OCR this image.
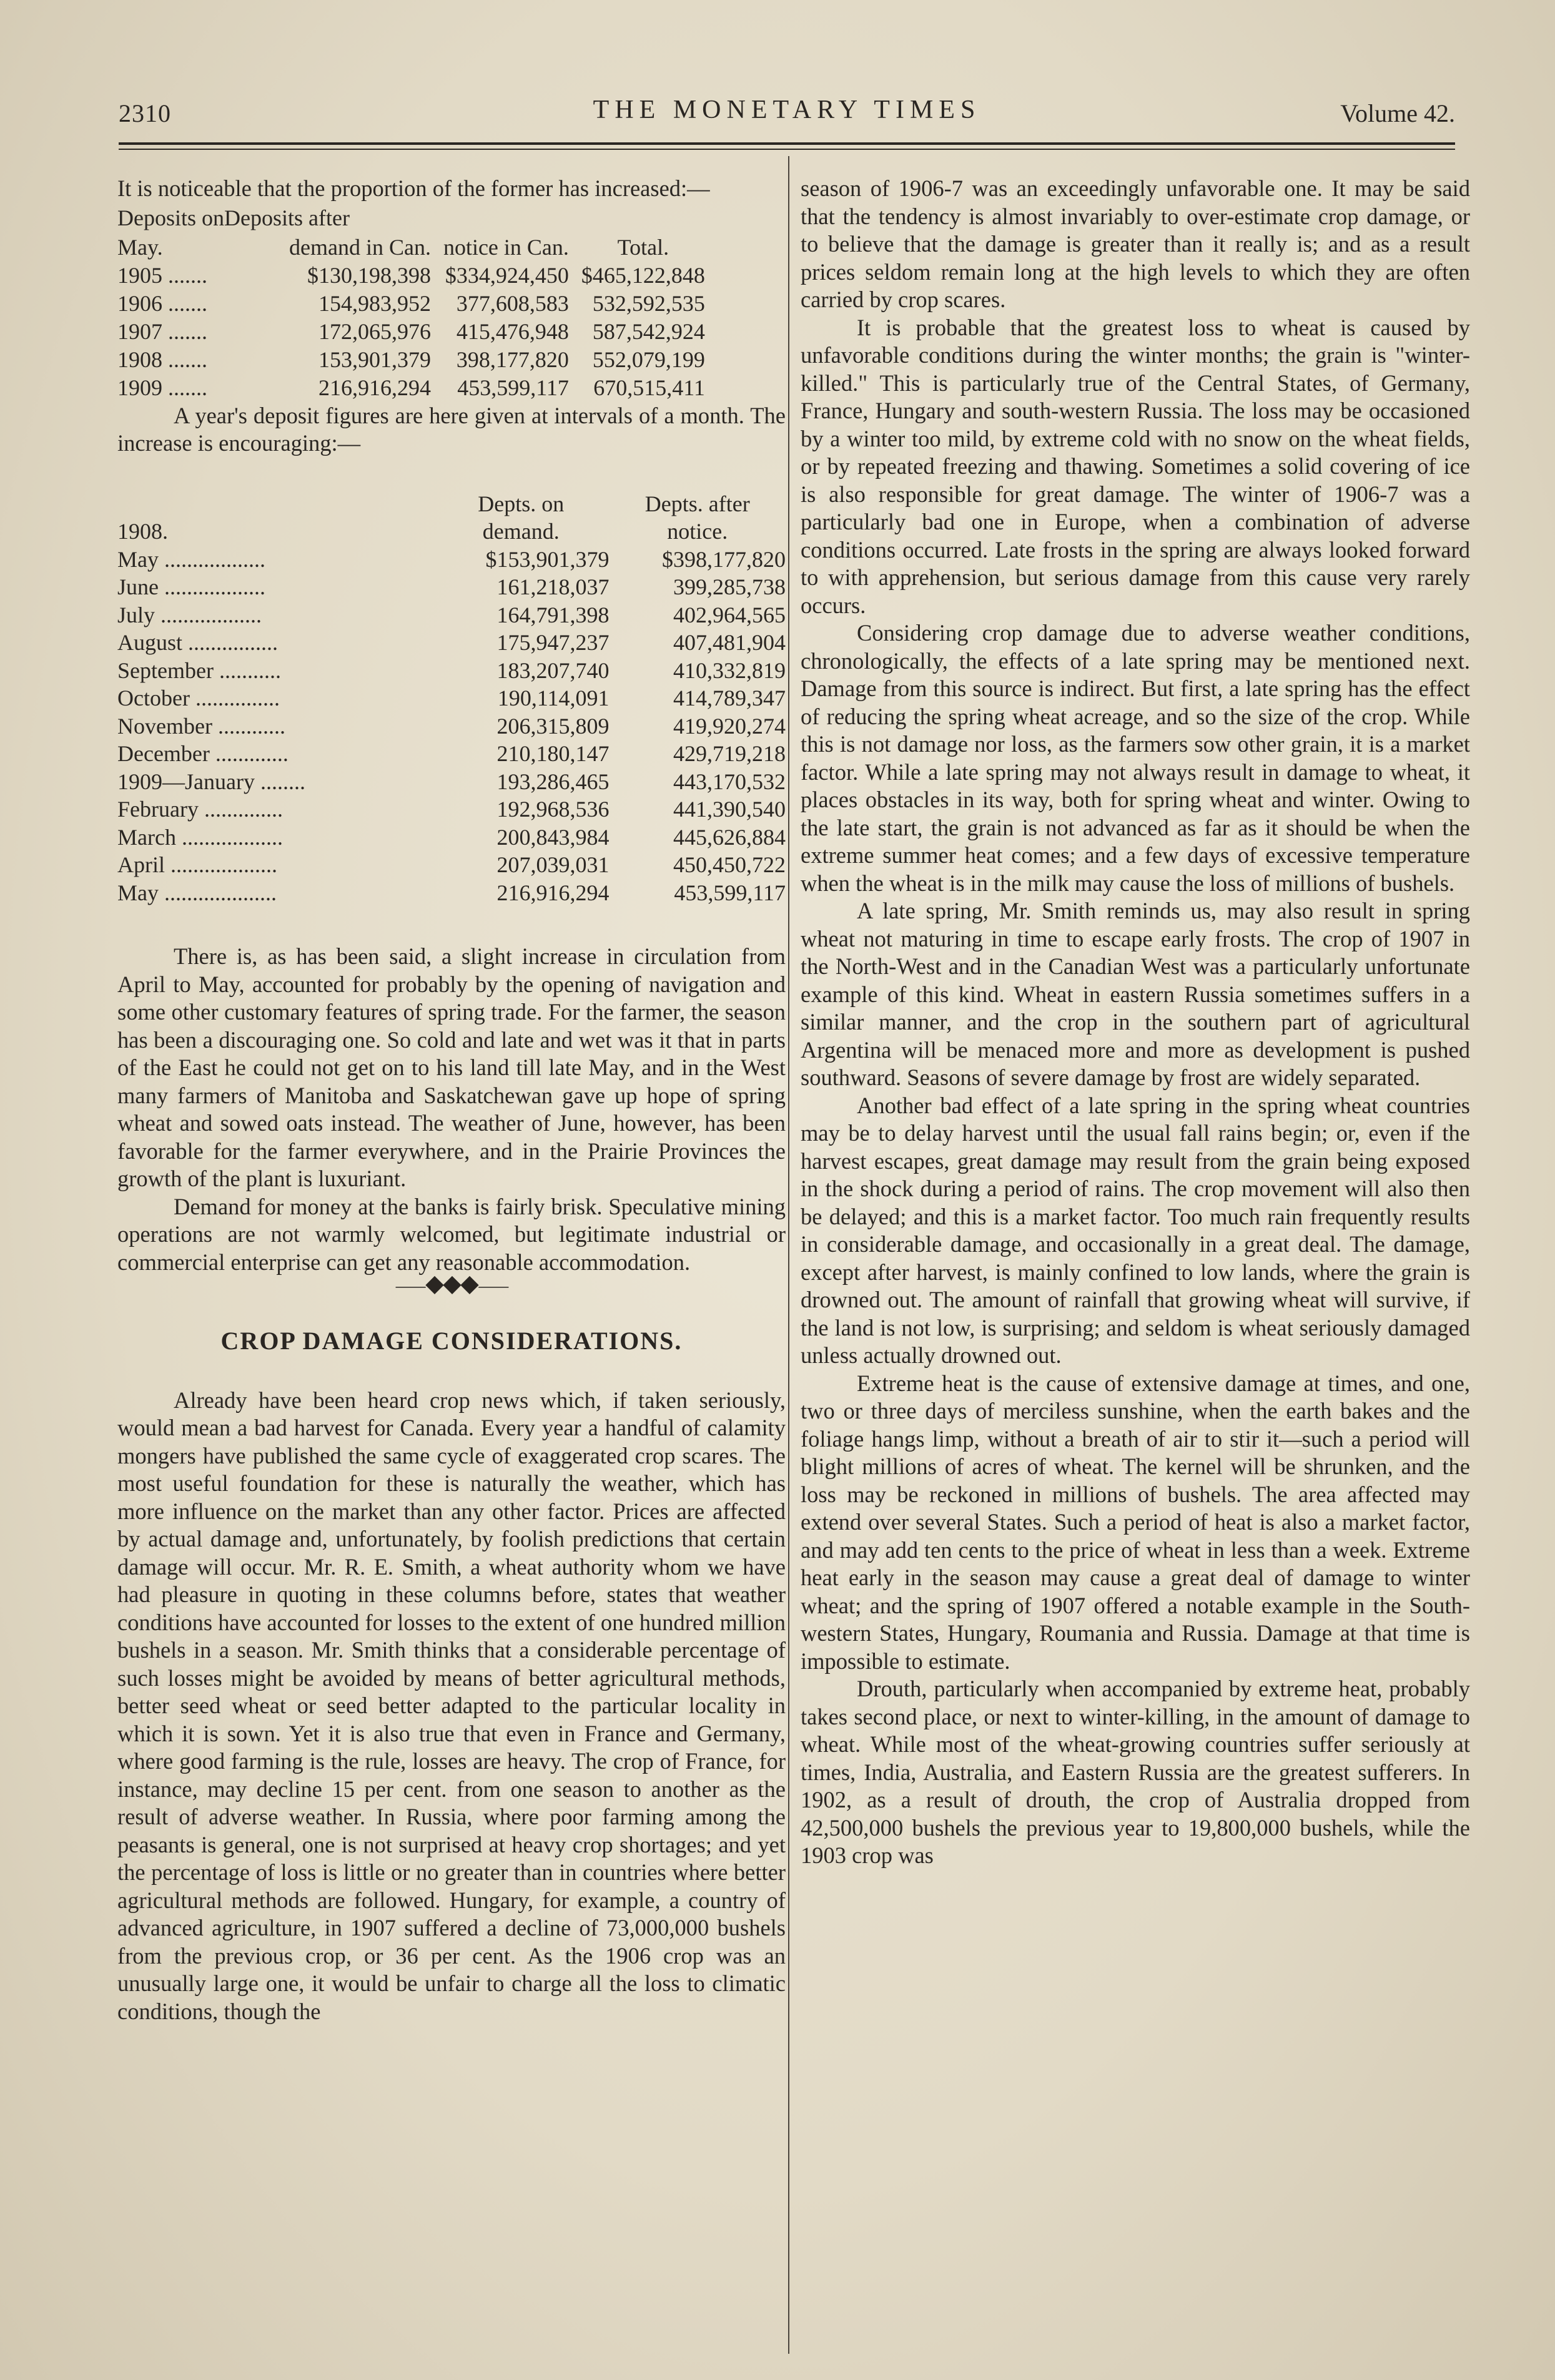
2310	THE MONETARY TIMES	Volume 42.

It is noticeable that the proportion of the former has increased:—

	Deposits on	Deposits after	
May.	demand in Can.	notice in Can.	Total.
1905 .......	$130,198,398	$334,924,450	$465,122,848
1906 .......	154,983,952	377,608,583	532,592,535
1907 .......	172,065,976	415,476,948	587,542,924
1908 .......	153,901,379	398,177,820	552,079,199
1909 .......	216,916,294	453,599,117	670,515,411

A year's deposit figures are here given at intervals of a month. The increase is encouraging:—

	Depts. on	Depts. after
1908.	demand.	notice.
May ..................	$153,901,379	$398,177,820
June ..................	161,218,037	399,285,738
July ..................	164,791,398	402,964,565
August ................	175,947,237	407,481,904
September ...........	183,207,740	410,332,819
October ...............	190,114,091	414,789,347
November ............	206,315,809	419,920,274
December .............	210,180,147	429,719,218
1909—January ........	193,286,465	443,170,532
February ..............	192,968,536	441,390,540
March ..................	200,843,984	445,626,884
April ...................	207,039,031	450,450,722
May ....................	216,916,294	453,599,117

There is, as has been said, a slight increase in circulation from April to May, accounted for probably by the opening of navigation and some other customary features of spring trade. For the farmer, the season has been a discouraging one. So cold and late and wet was it that in parts of the East he could not get on to his land till late May, and in the West many farmers of Manitoba and Saskatchewan gave up hope of spring wheat and sowed oats instead. The weather of June, however, has been favorable for the farmer everywhere, and in the Prairie Provinces the growth of the plant is luxuriant.

Demand for money at the banks is fairly brisk. Speculative mining operations are not warmly welcomed, but legitimate industrial or commercial enterprise can get any reasonable accommodation.

⸺◆◆◆⸺
CROP DAMAGE CONSIDERATIONS.

Already have been heard crop news which, if taken seriously, would mean a bad harvest for Canada. Every year a handful of calamity mongers have published the same cycle of exaggerated crop scares. The most useful foundation for these is naturally the weather, which has more influence on the market than any other factor. Prices are affected by actual damage and, unfortunately, by foolish predictions that certain damage will occur. Mr. R. E. Smith, a wheat authority whom we have had pleasure in quoting in these columns before, states that weather conditions have accounted for losses to the extent of one hundred million bushels in a season. Mr. Smith thinks that a considerable percentage of such losses might be avoided by means of better agricultural methods, better seed wheat or seed better adapted to the particular locality in which it is sown. Yet it is also true that even in France and Germany, where good farming is the rule, losses are heavy. The crop of France, for instance, may decline 15 per cent. from one season to another as the result of adverse weather. In Russia, where poor farming among the peasants is general, one is not surprised at heavy crop shortages; and yet the percentage of loss is little or no greater than in countries where better agricultural methods are followed. Hungary, for example, a country of advanced agriculture, in 1907 suffered a decline of 73,000,000 bushels from the previous crop, or 36 per cent. As the 1906 crop was an unusually large one, it would be unfair to charge all the loss to climatic conditions, though the

season of 1906-7 was an exceedingly unfavorable one. It may be said that the tendency is almost invariably to over-estimate crop damage, or to believe that the damage is greater than it really is; and as a result prices seldom remain long at the high levels to which they are often carried by crop scares.

It is probable that the greatest loss to wheat is caused by unfavorable conditions during the winter months; the grain is "winter-killed." This is particularly true of the Central States, of Germany, France, Hungary and south-western Russia. The loss may be occasioned by a winter too mild, by extreme cold with no snow on the wheat fields, or by repeated freezing and thawing. Sometimes a solid covering of ice is also responsible for great damage. The winter of 1906-7 was a particularly bad one in Europe, when a combination of adverse conditions occurred. Late frosts in the spring are always looked forward to with apprehension, but serious damage from this cause very rarely occurs.

Considering crop damage due to adverse weather conditions, chronologically, the effects of a late spring may be mentioned next. Damage from this source is indirect. But first, a late spring has the effect of reducing the spring wheat acreage, and so the size of the crop. While this is not damage nor loss, as the farmers sow other grain, it is a market factor. While a late spring may not always result in damage to wheat, it places obstacles in its way, both for spring wheat and winter. Owing to the late start, the grain is not advanced as far as it should be when the extreme summer heat comes; and a few days of excessive temperature when the wheat is in the milk may cause the loss of millions of bushels.

A late spring, Mr. Smith reminds us, may also result in spring wheat not maturing in time to escape early frosts. The crop of 1907 in the North-West and in the Canadian West was a particularly unfortunate example of this kind. Wheat in eastern Russia sometimes suffers in a similar manner, and the crop in the southern part of agricultural Argentina will be menaced more and more as development is pushed southward. Seasons of severe damage by frost are widely separated.

Another bad effect of a late spring in the spring wheat countries may be to delay harvest until the usual fall rains begin; or, even if the harvest escapes, great damage may result from the grain being exposed in the shock during a period of rains. The crop movement will also then be delayed; and this is a market factor. Too much rain frequently results in considerable damage, and occasionally in a great deal. The damage, except after harvest, is mainly confined to low lands, where the grain is drowned out. The amount of rainfall that growing wheat will survive, if the land is not low, is surprising; and seldom is wheat seriously damaged unless actually drowned out.

Extreme heat is the cause of extensive damage at times, and one, two or three days of merciless sunshine, when the earth bakes and the foliage hangs limp, without a breath of air to stir it—such a period will blight millions of acres of wheat. The kernel will be shrunken, and the loss may be reckoned in millions of bushels. The area affected may extend over several States. Such a period of heat is also a market factor, and may add ten cents to the price of wheat in less than a week. Extreme heat early in the season may cause a great deal of damage to winter wheat; and the spring of 1907 offered a notable example in the South-western States, Hungary, Roumania and Russia. Damage at that time is impossible to estimate.

Drouth, particularly when accompanied by extreme heat, probably takes second place, or next to winter-killing, in the amount of damage to wheat. While most of the wheat-growing countries suffer seriously at times, India, Australia, and Eastern Russia are the greatest sufferers. In 1902, as a result of drouth, the crop of Australia dropped from 42,500,000 bushels the previous year to 19,800,000 bushels, while the 1903 crop was
